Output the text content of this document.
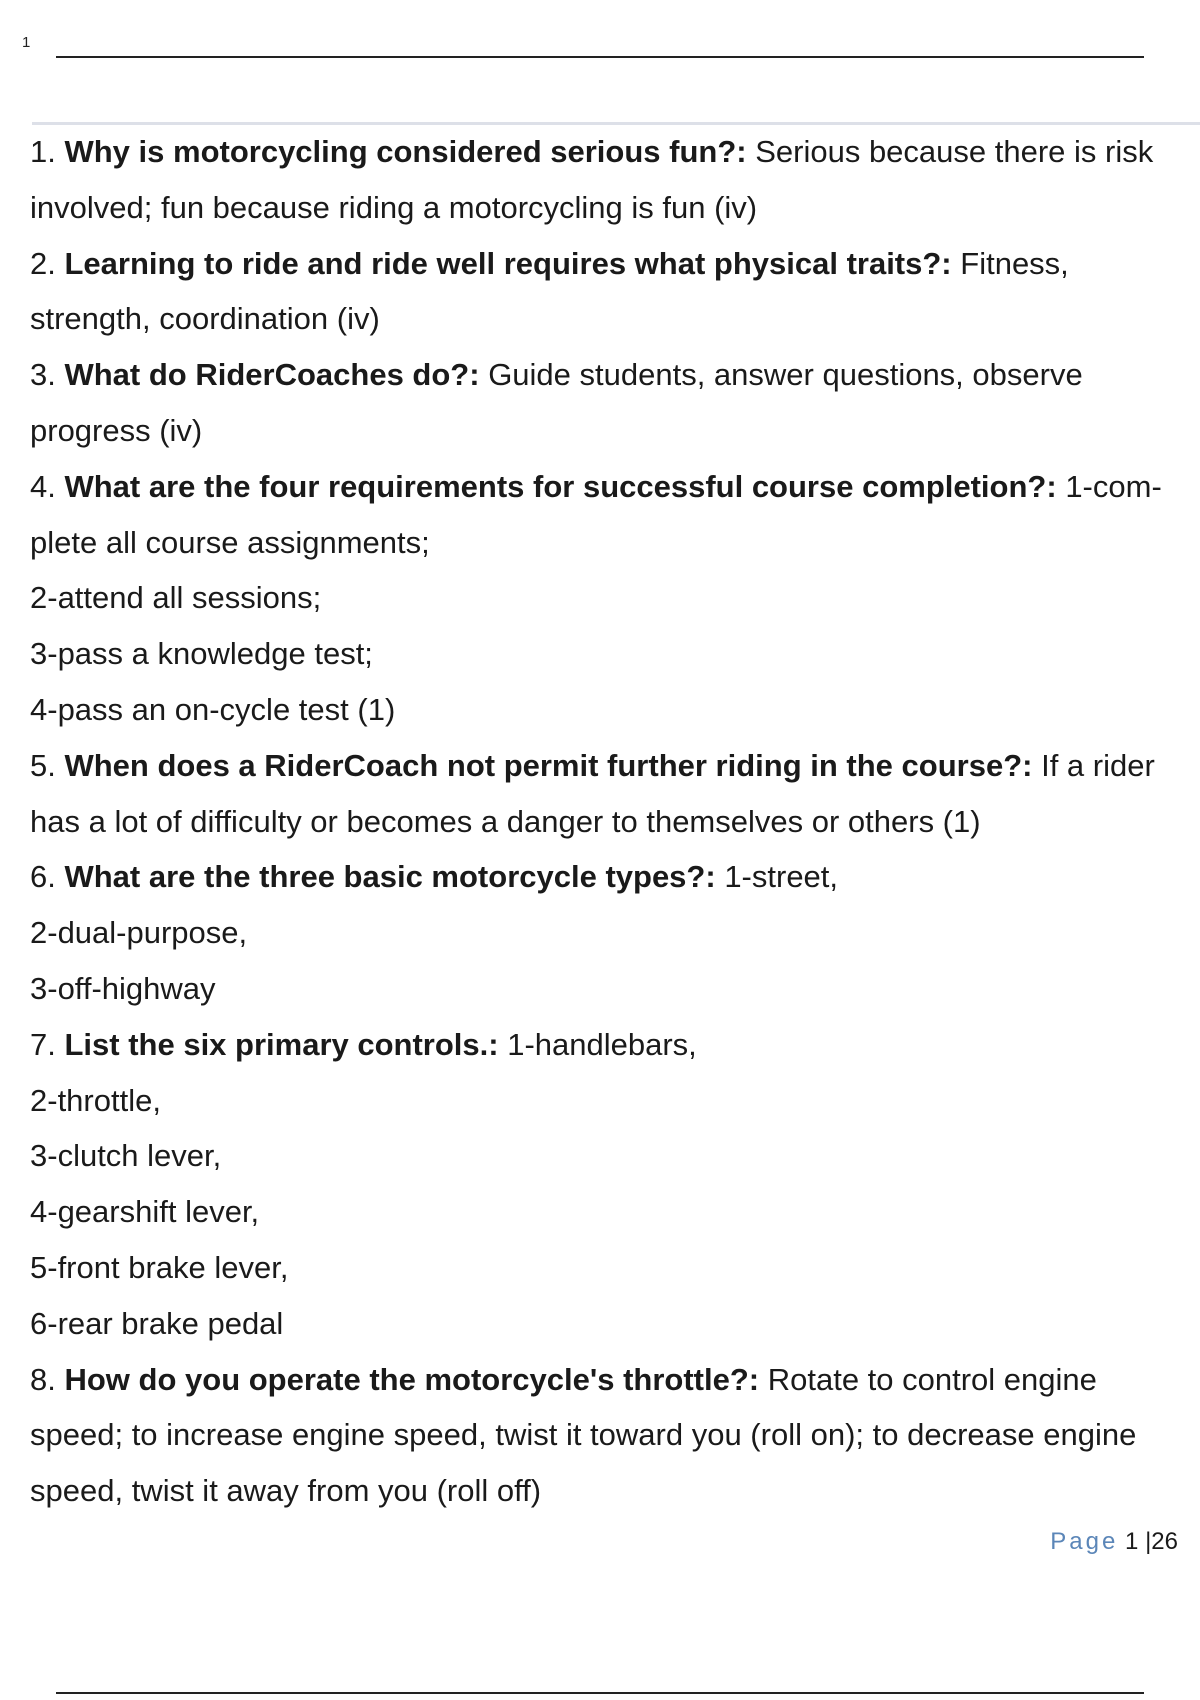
1
1. Why is motorcycling considered serious fun?: Serious because there is risk
involved; fun because riding a motorcycling is fun (iv)
2. Learning to ride and ride well requires what physical traits?: Fitness,
strength, coordination (iv)
3. What do RiderCoaches do?: Guide students, answer questions, observe
progress (iv)
4. What are the four requirements for successful course completion?: 1-com-
plete all course assignments;
2-attend all sessions;
3-pass a knowledge test;
4-pass an on-cycle test (1)
5. When does a RiderCoach not permit further riding in the course?: If a rider
has a lot of difficulty or becomes a danger to themselves or others (1)
6. What are the three basic motorcycle types?: 1-street,
2-dual-purpose,
3-off-highway
7. List the six primary controls.: 1-handlebars,
2-throttle,
3-clutch lever,
4-gearshift lever,
5-front brake lever,
6-rear brake pedal
8. How do you operate the motorcycle's throttle?: Rotate to control engine
speed; to increase engine speed, twist it toward you (roll on); to decrease engine
speed, twist it away from you (roll off)
Page 1 |26
